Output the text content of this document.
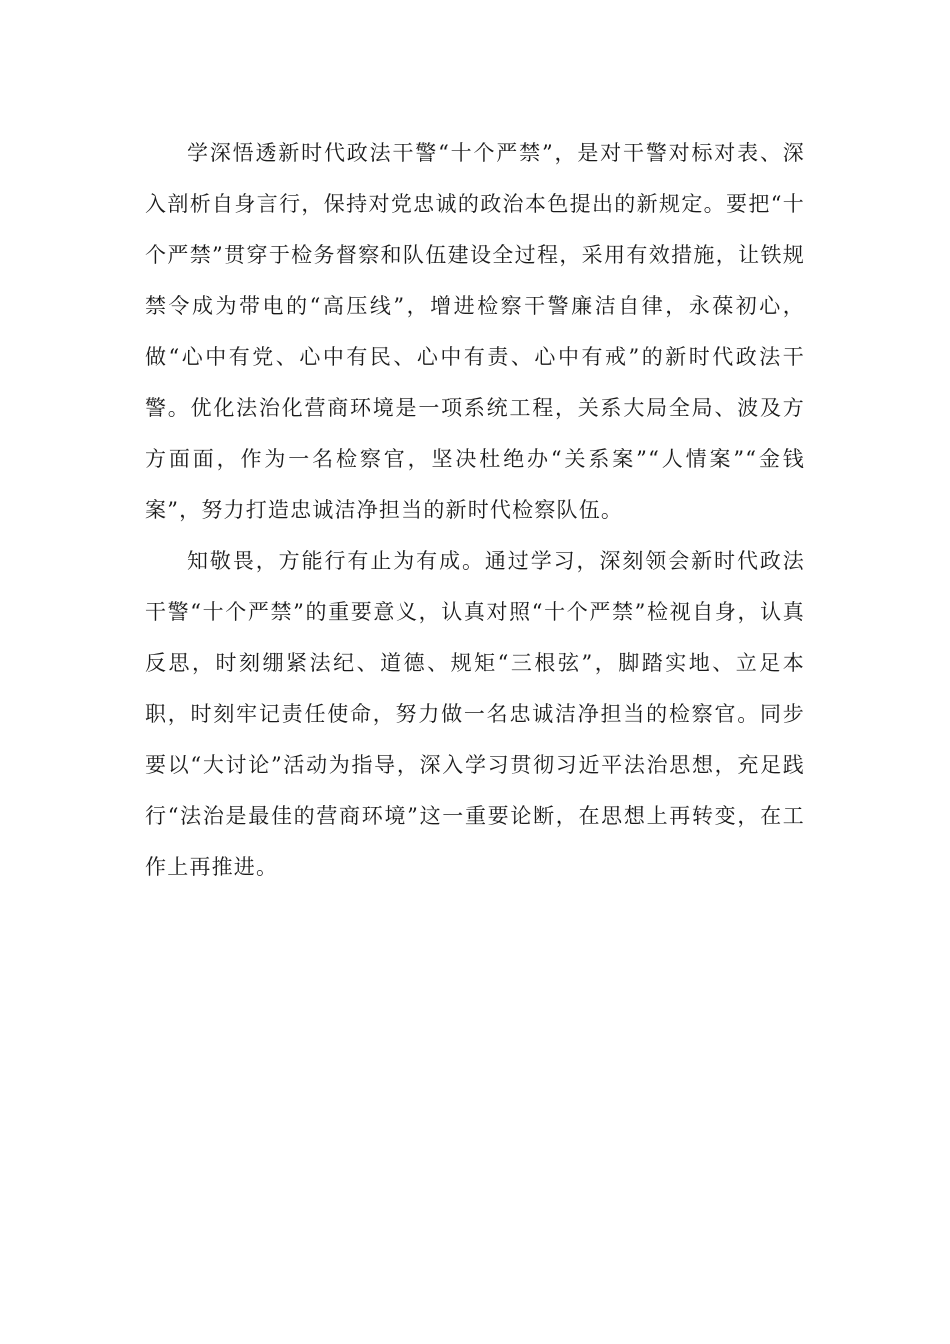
学深悟透新时代政法干警“十个严禁”，是对干警对标对表、深入剖析自身言行，保持对党忠诚的政治本色提出的新规定。要把“十个严禁”贯穿于检务督察和队伍建设全过程，采用有效措施，让铁规禁令成为带电的“高压线”，增进检察干警廉洁自律，永葆初心，做“心中有党、心中有民、心中有责、心中有戒”的新时代政法干警。优化法治化营商环境是一项系统工程，关系大局全局、波及方方面面，作为一名检察官，坚决杜绝办“关系案”“人情案”“金钱案”，努力打造忠诚洁净担当的新时代检察队伍。

知敬畏，方能行有止为有成。通过学习，深刻领会新时代政法干警“十个严禁”的重要意义，认真对照“十个严禁”检视自身，认真反思，时刻绷紧法纪、道德、规矩“三根弦”，脚踏实地、立足本职，时刻牢记责任使命，努力做一名忠诚洁净担当的检察官。同步要以“大讨论”活动为指导，深入学习贯彻习近平法治思想，充足践行“法治是最佳的营商环境”这一重要论断，在思想上再转变，在工作上再推进。
